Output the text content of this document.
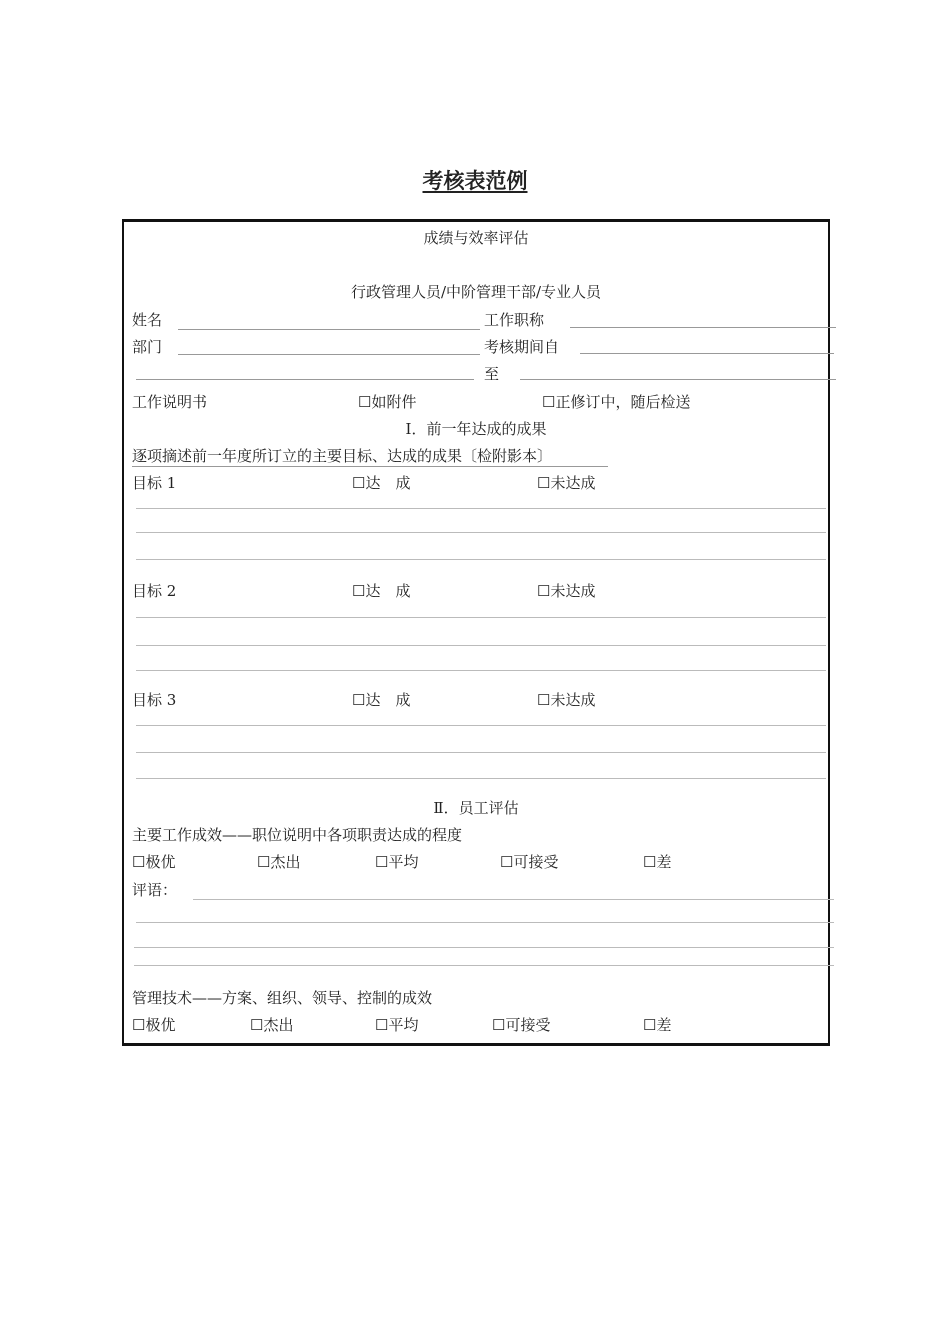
考核表范例
成绩与效率评估
行政管理人员/中阶管理干部/专业人员
姓名	工作职称
部门	考核期间自
至
工作说明书	☐如附件	☐正修订中，随后检送
Ⅰ．前一年达成的成果
逐项摘述前一年度所订立的主要目标、达成的成果〔检附影本〕
目标 1	☐达　成	☐未达成
目标 2	☐达　成	☐未达成
目标 3	☐达　成	☐未达成
Ⅱ．员工评估
主要工作成效——职位说明中各项职责达成的程度
☐极优	☐杰出	☐平均	☐可接受	☐差
评语：
管理技术——方案、组织、领导、控制的成效
☐极优	☐杰出	☐平均	☐可接受	☐差
